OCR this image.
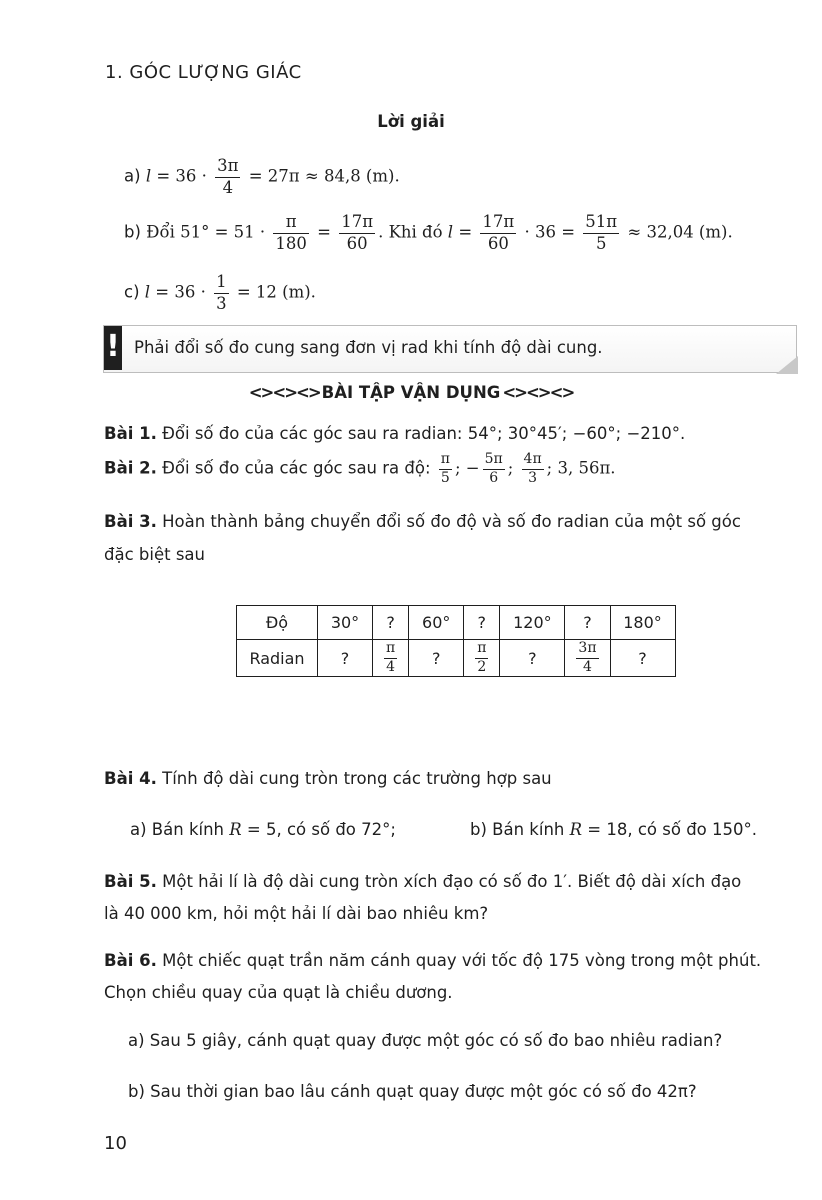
1. GÓC LƯỢNG GIÁC
Lời giải
a) $l = 36 \cdot \frac{3\pi}{4} = 27\pi \approx 84,8$ (m).
b) Đổi $51^\circ = 51 \cdot \frac{\pi}{180} = \frac{17\pi}{60}$ . Khi đó $l = \frac{17\pi}{60} \cdot 36 = \frac{51\pi}{5} \approx 32,04$ (m).
c) $l = 36 \cdot \frac{1}{3} = 12$ (m).
! Phải đổi số đo cung sang đơn vị rad khi tính độ dài cung.
<><><> BÀI TẬP VẬN DỤNG <><><>
Bài 1. Đổi số đo của các góc sau ra radian: 54°; 30°45′; −60°; −210°.
Bài 2. Đổi số đo của các góc sau ra độ: $\frac{\pi}{5}$ ; − $\frac{5\pi}{6}$ ; $\frac{4\pi}{3}$ ; 3, 56π.
Bài 3. Hoàn thành bảng chuyển đổi số đo độ và số đo radian của một số góc
đặc biệt sau
Độ	30°	?	60°	?	120°	?	180°
Radian	?	$\frac{\pi}{4}$	?	$\frac{\pi}{2}$	?	$\frac{3\pi}{4}$	?
Bài 4. Tính độ dài cung tròn trong các trường hợp sau
a) Bán kính R = 5, có số đo 72°;	b) Bán kính R = 18, có số đo 150°.
Bài 5. Một hải lí là độ dài cung tròn xích đạo có số đo 1′. Biết độ dài xích đạo
là 40 000 km, hỏi một hải lí dài bao nhiêu km?
Bài 6. Một chiếc quạt trần năm cánh quay với tốc độ 175 vòng trong một phút.
Chọn chiều quay của quạt là chiều dương.
a) Sau 5 giây, cánh quạt quay được một góc có số đo bao nhiêu radian?
b) Sau thời gian bao lâu cánh quạt quay được một góc có số đo 42π?
10
